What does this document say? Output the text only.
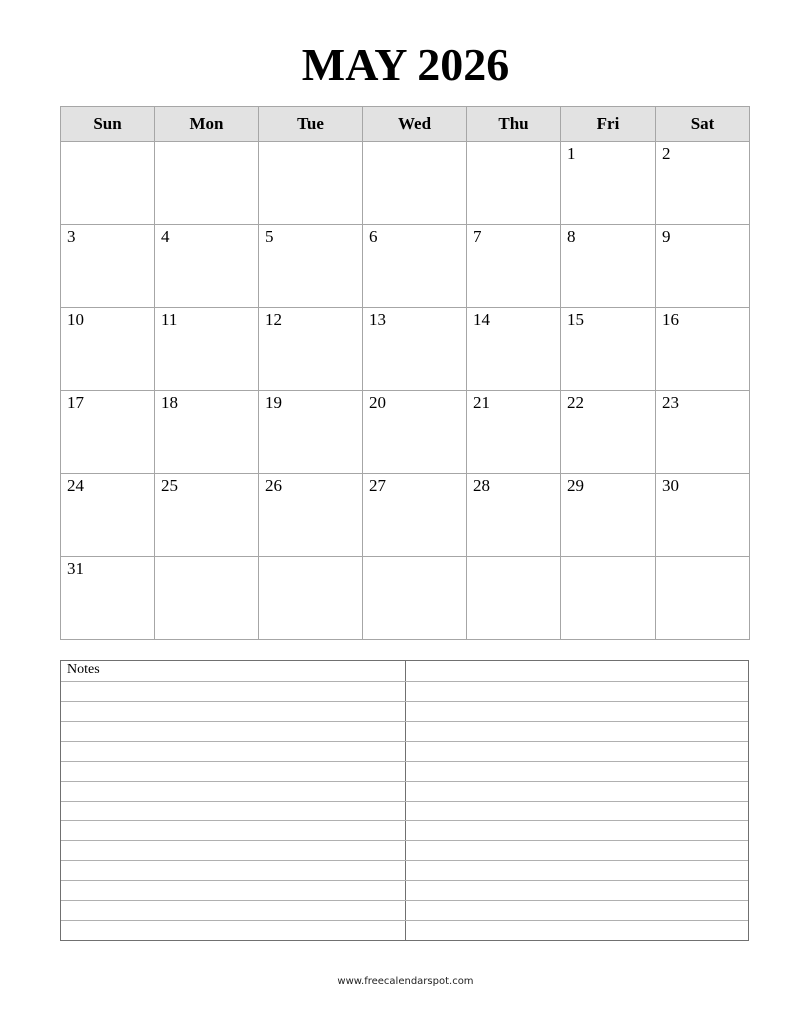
MAY 2026
Sun	Mon	Tue	Wed	Thu	Fri	Sat

					1	2

3	4	5	6	7	8	9

10	11	12	13	14	15	16

17	18	19	20	21	22	23

24	25	26	27	28	29	30

31						

Notes
www.freecalendarspot.com
